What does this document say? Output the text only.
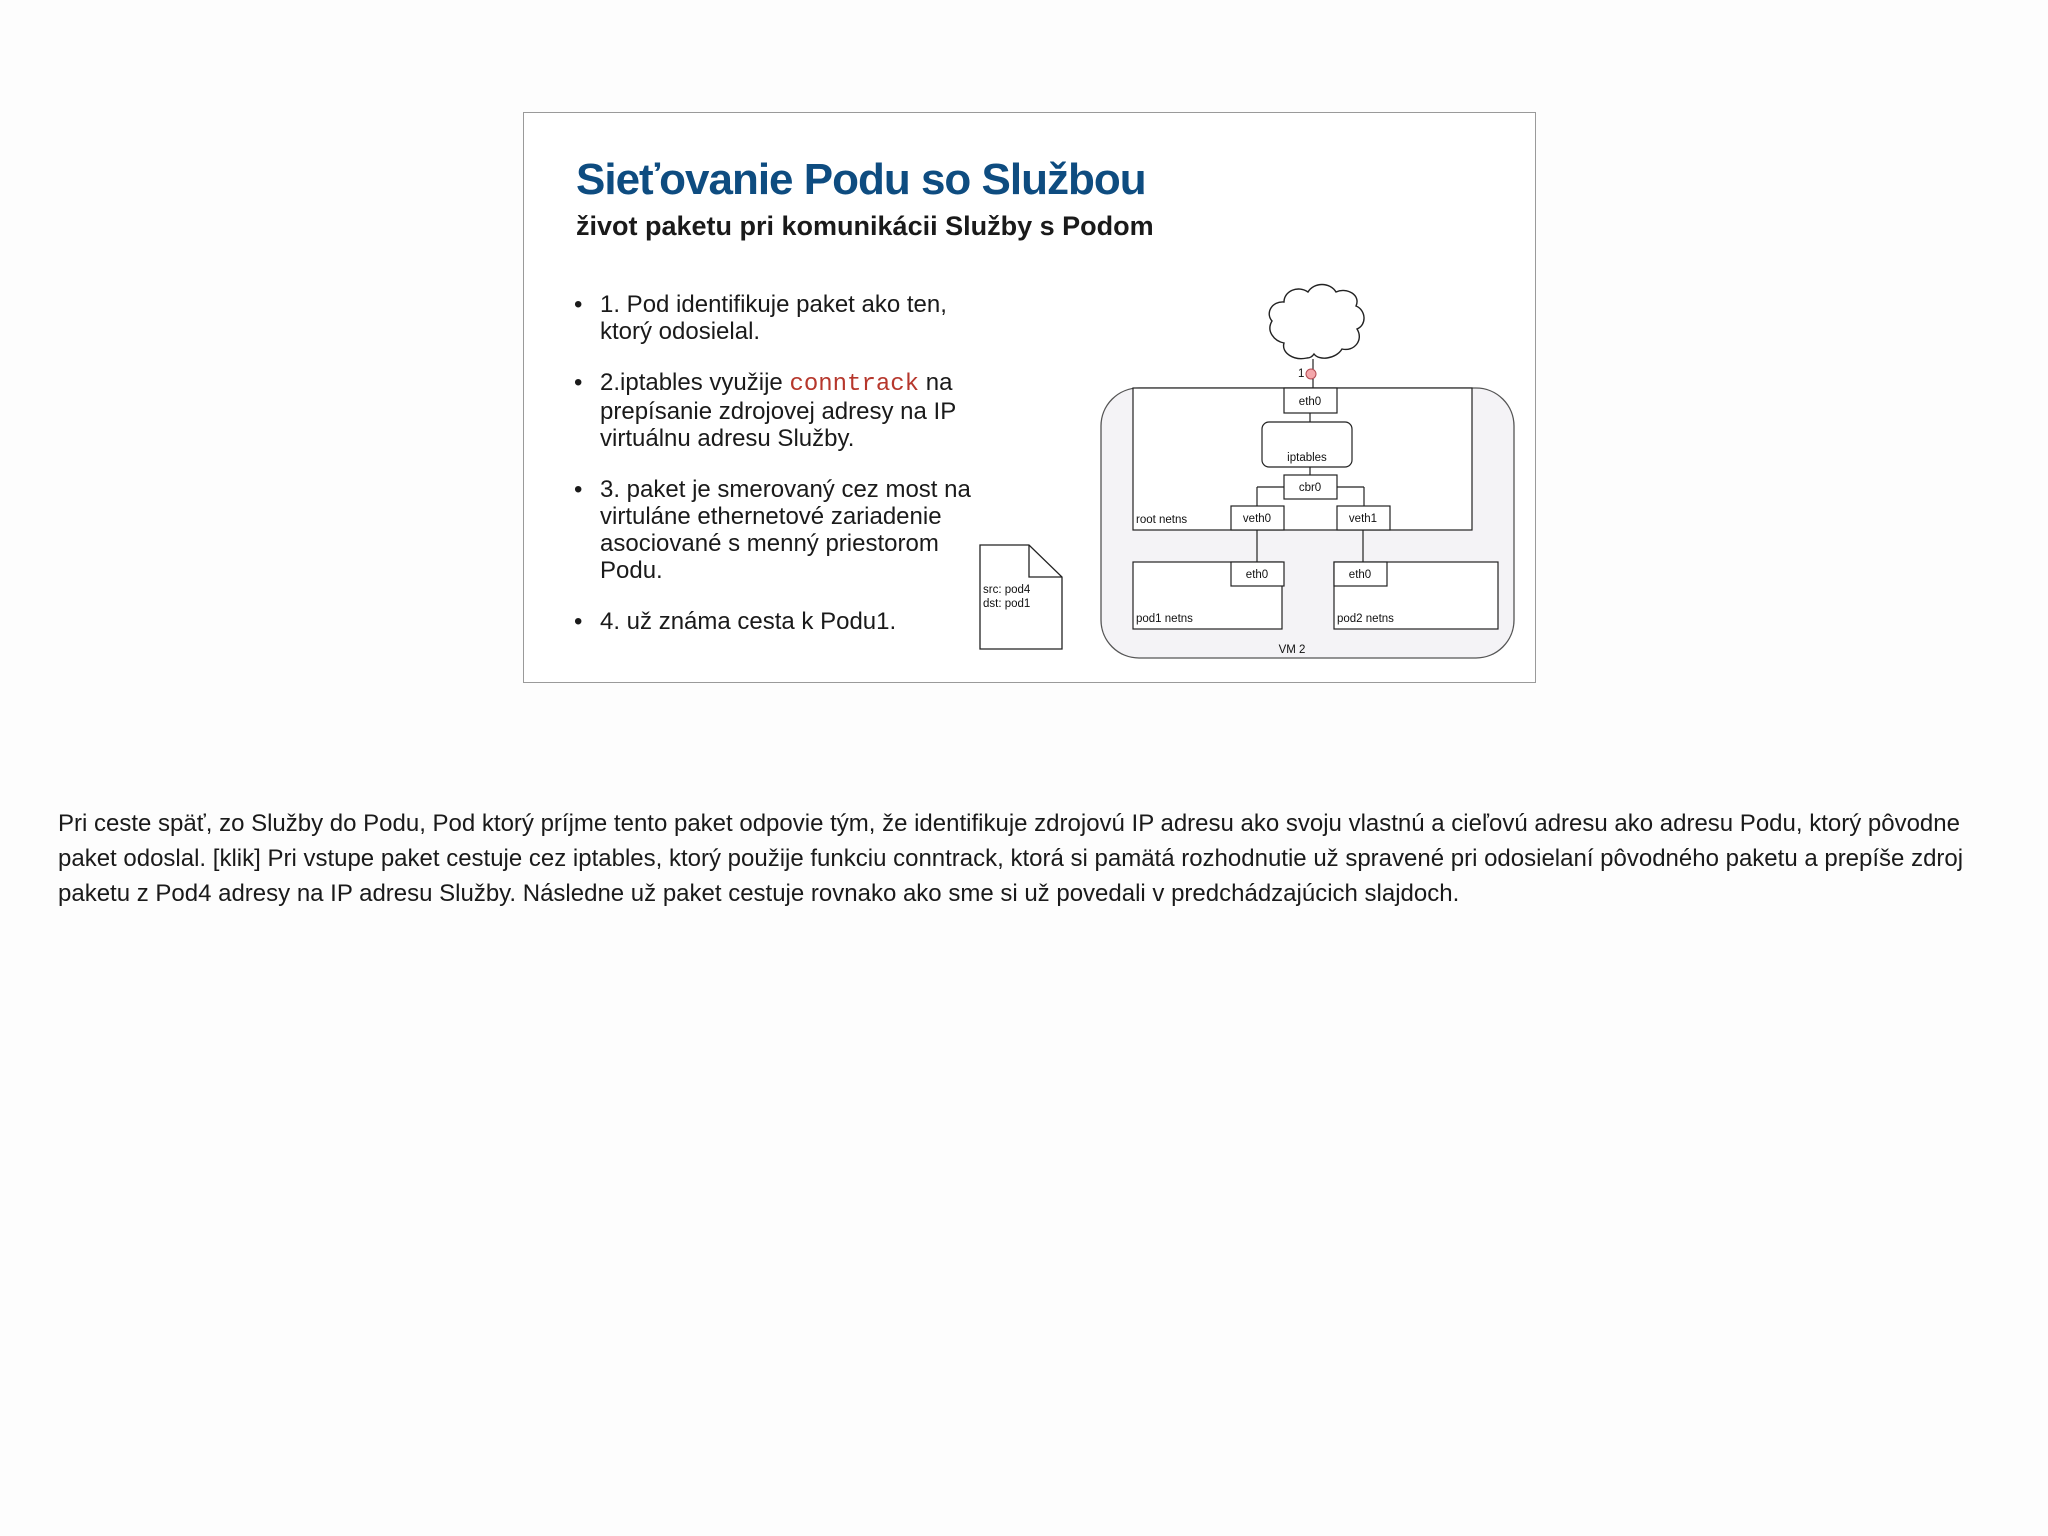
Sieťovanie Podu so Službou
život paketu pri komunikácii Služby s Podom
• 1. Pod identifikuje paket ako ten, ktorý odosielal.
• 2.iptables využije conntrack na prepísanie zdrojovej adresy na IP virtuálnu adresu Služby.
• 3. paket je smerovaný cez most na virtuláne ethernetové zariadenie asociované s menný priestorom Podu.
• 4. už známa cesta k Podu1.
src: pod4
dst: pod1
VM 2
1
root netns
eth0
iptables
cbr0
veth0	veth1
eth0
pod1 netns
eth0
pod2 netns

Pri ceste späť, zo Služby do Podu, Pod ktorý príjme tento paket odpovie tým, že identifikuje zdrojovú IP adresu ako svoju vlastnú a cieľovú adresu ako adresu Podu, ktorý pôvodne paket odoslal. [klik] Pri vstupe paket cestuje cez iptables, ktorý použije funkciu conntrack, ktorá si pamätá rozhodnutie už spravené pri odosielaní pôvodného paketu a prepíše zdroj paketu z Pod4 adresy na IP adresu Služby. Následne už paket cestuje rovnako ako sme si už povedali v predchádzajúcich slajdoch.
